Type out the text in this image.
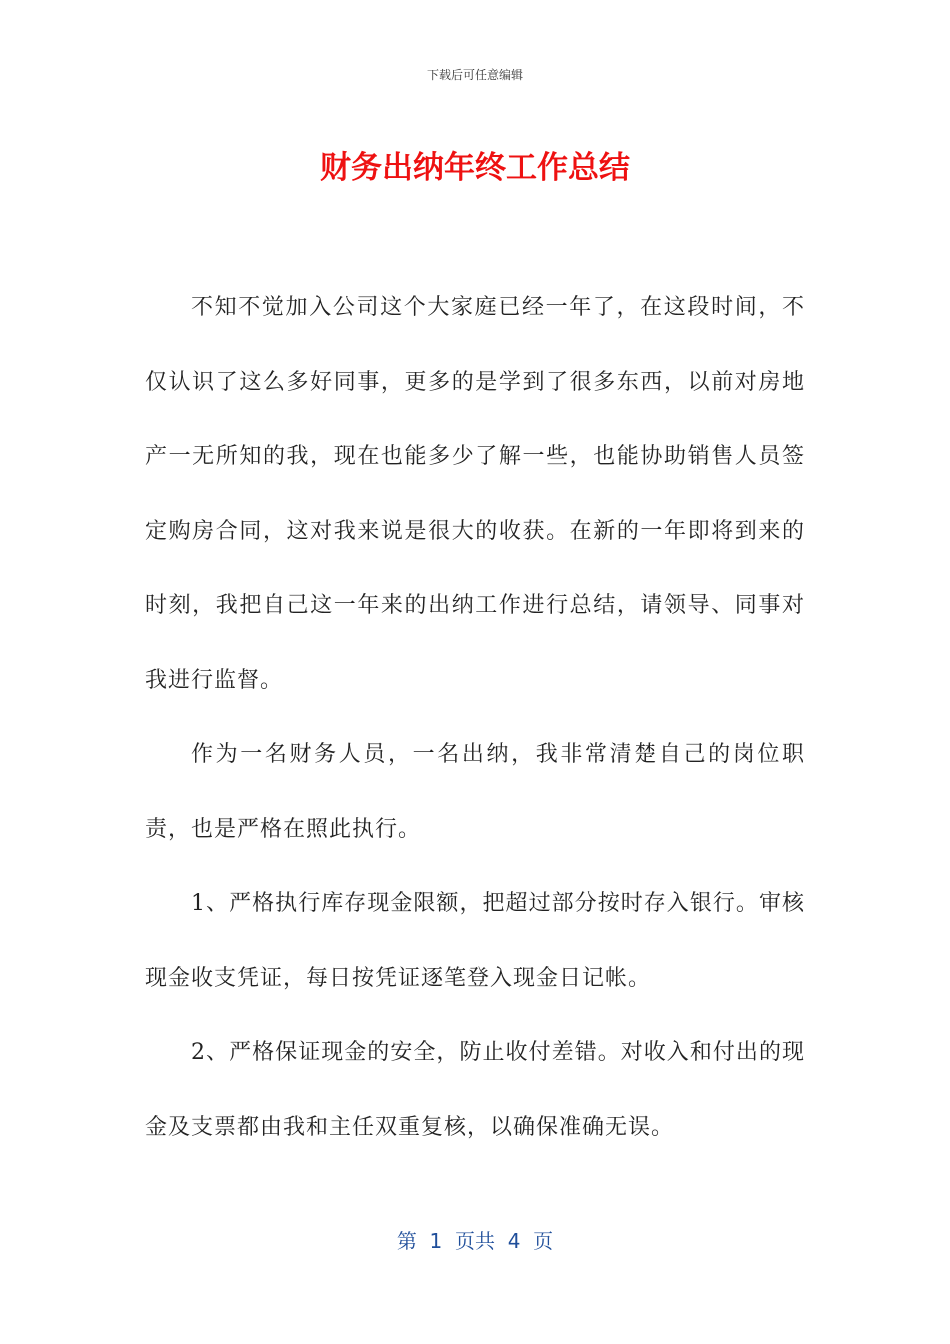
下载后可任意编辑
财务出纳年终工作总结

不知不觉加入公司这个大家庭已经一年了，在这段时间，不仅认识了这么多好同事，更多的是学到了很多东西，以前对房地产一无所知的我，现在也能多少了解一些，也能协助销售人员签定购房合同，这对我来说是很大的收获。在新的一年即将到来的时刻，我把自己这一年来的出纳工作进行总结，请领导、同事对我进行监督。

作为一名财务人员，一名出纳，我非常清楚自己的岗位职责，也是严格在照此执行。

1、严格执行库存现金限额，把超过部分按时存入银行。审核现金收支凭证，每日按凭证逐笔登入现金日记帐。

2、严格保证现金的安全，防止收付差错。对收入和付出的现金及支票都由我和主任双重复核，以确保准确无误。

第  1  页共  4  页
